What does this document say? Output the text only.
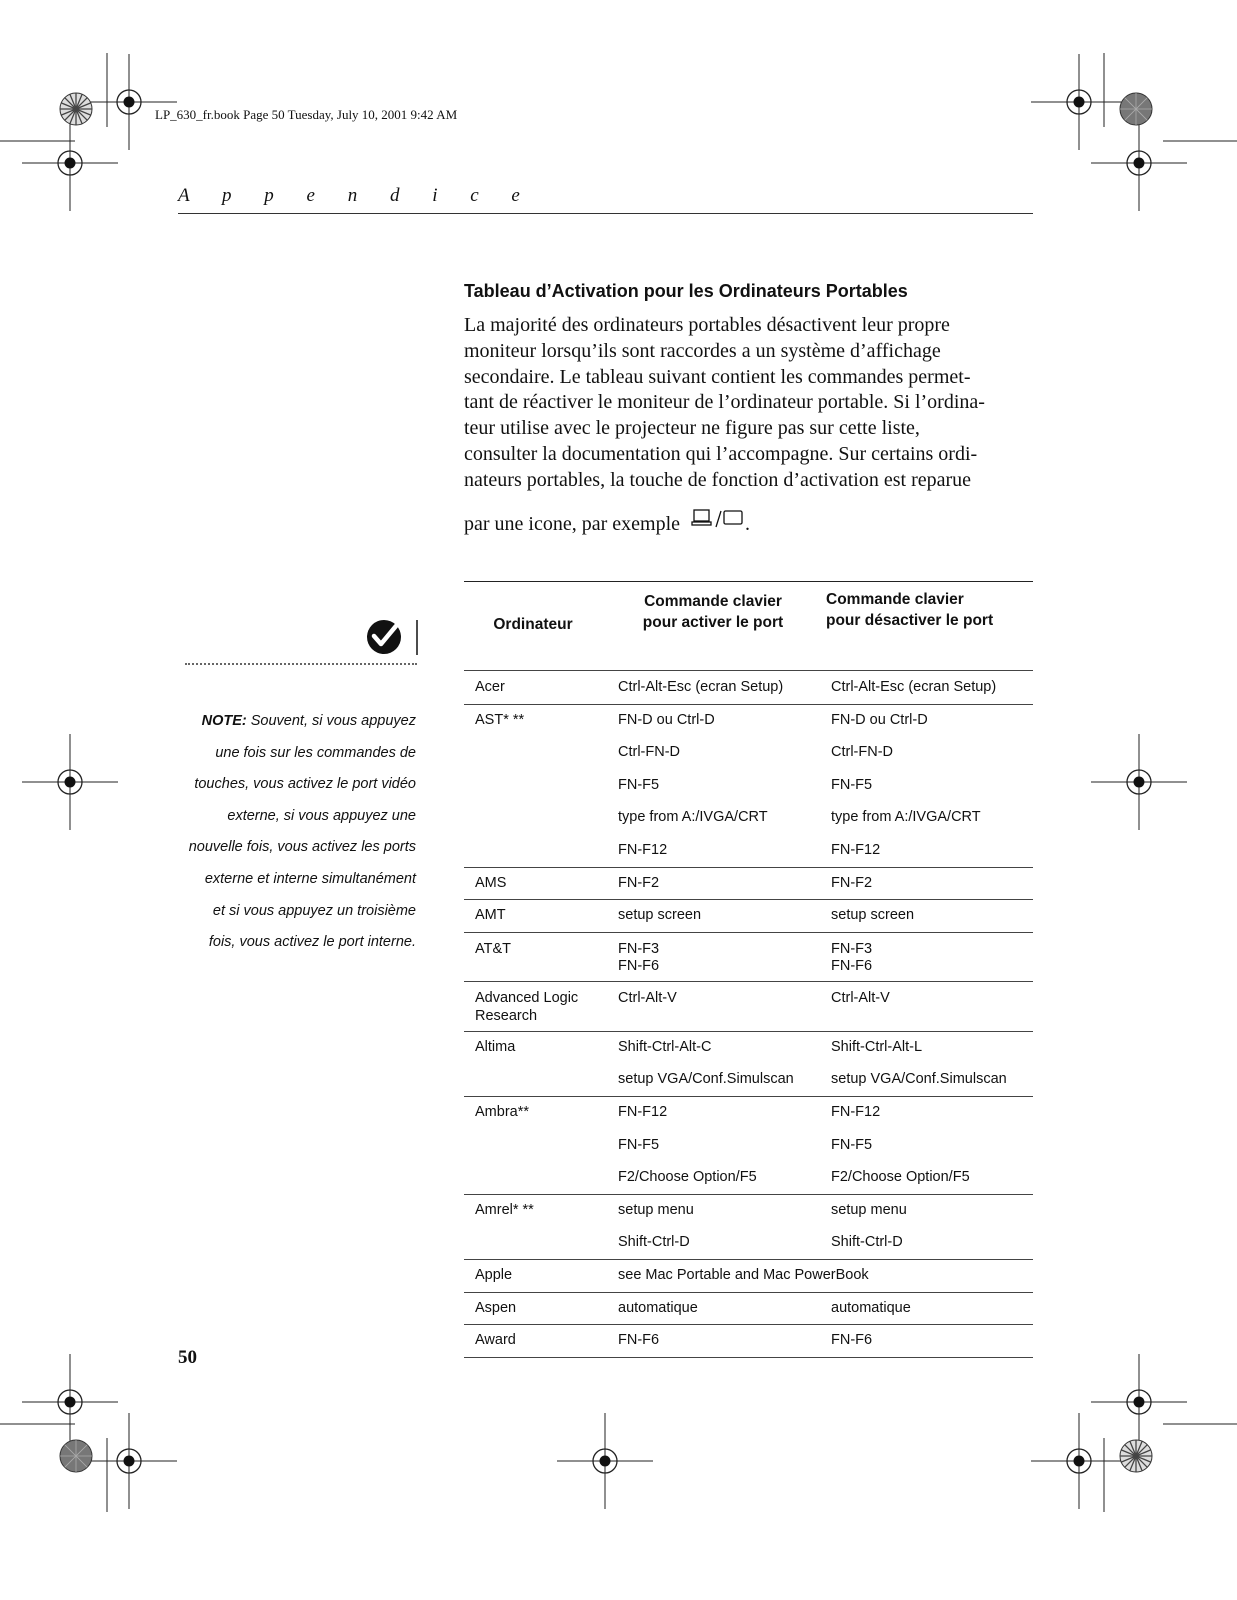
LP_630_fr.book Page 50 Tuesday, July 10, 2001 9:42 AM
A p p e n d i c e
Tableau d’Activation pour les Ordinateurs Portables
La majorité des ordinateurs portables désactivent leur propre
moniteur lorsqu’ils sont raccordes a un système d’affichage
secondaire. Le tableau suivant contient les commandes permet-
tant de réactiver le moniteur de l’ordinateur portable. Si l’ordina-
teur utilise avec le projecteur ne figure pas sur cette liste,
consulter la documentation qui l’accompagne. Sur certains ordi-
nateurs portables, la touche de fonction d’activation est reparue
par une icone, par exemple	.
NOTE: Souvent, si vous appuyez
une fois sur les commandes de
touches, vous activez le port vidéo
externe, si vous appuyez une
nouvelle fois, vous activez les ports
externe et interne simultanément
et si vous appuyez un troisième
fois, vous activez le port interne.
Ordinateur
Commande clavier
pour activer le port
Commande clavier
pour désactiver le port
Acer	Ctrl-Alt-Esc (ecran Setup)	Ctrl-Alt-Esc (ecran Setup)
AST* **	FN-D ou Ctrl-D	FN-D ou Ctrl-D
Ctrl-FN-D	Ctrl-FN-D
FN-F5	FN-F5
type from A:/IVGA/CRT	type from A:/IVGA/CRT
FN-F12	FN-F12
AMS	FN-F2	FN-F2
AMT	setup screen	setup screen
AT&T	FN-F3	FN-F3
FN-F6	FN-F6
Advanced Logic
Research
Ctrl-Alt-V	Ctrl-Alt-V
Altima	Shift-Ctrl-Alt-C	Shift-Ctrl-Alt-L
setup VGA/Conf.Simulscan	setup VGA/Conf.Simulscan
Ambra**	FN-F12	FN-F12
FN-F5	FN-F5
F2/Choose Option/F5	F2/Choose Option/F5
Amrel* **	setup menu	setup menu
Shift-Ctrl-D	Shift-Ctrl-D
Apple	see Mac Portable and Mac PowerBook
Aspen	automatique	automatique
Award	FN-F6	FN-F6
50
